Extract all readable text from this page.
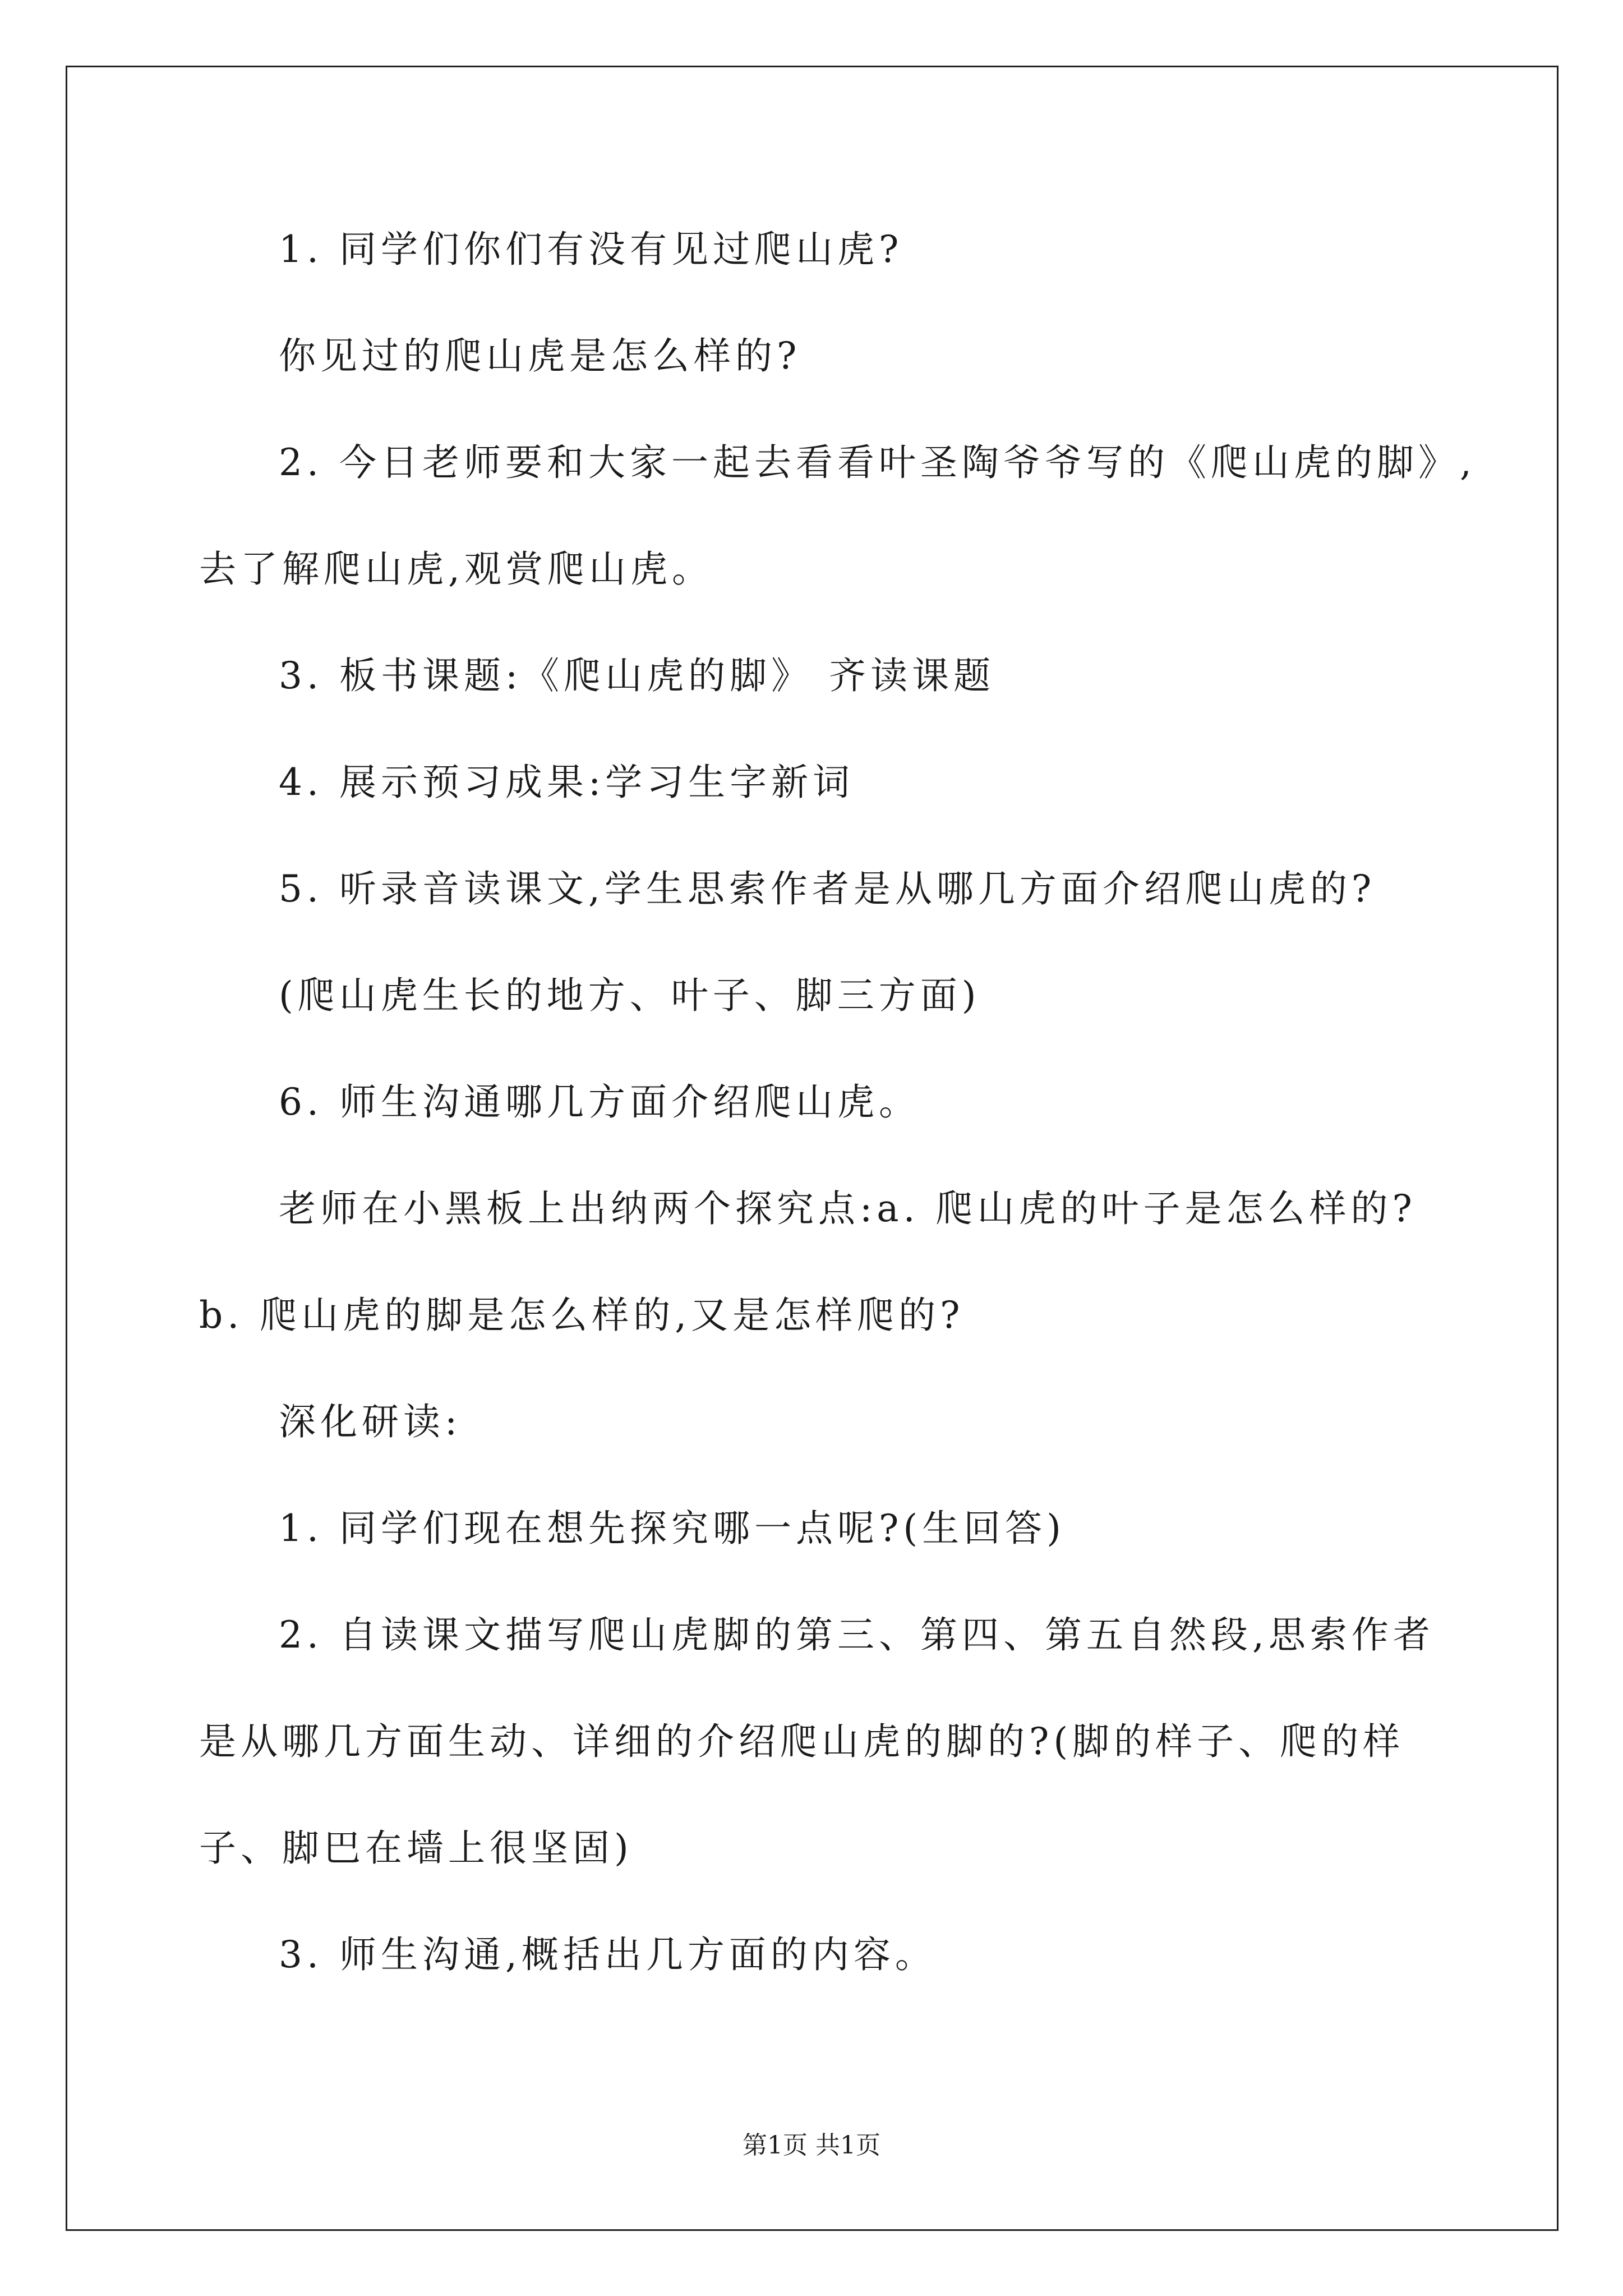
1. 同学们你们有没有见过爬山虎?

你见过的爬山虎是怎么样的?

2. 今日老师要和大家一起去看看叶圣陶爷爷写的《爬山虎的脚》,

去了解爬山虎,观赏爬山虎。

3. 板书课题:《爬山虎的脚》 齐读课题

4. 展示预习成果:学习生字新词

5. 听录音读课文,学生思索作者是从哪几方面介绍爬山虎的?

(爬山虎生长的地方、叶子、脚三方面)

6. 师生沟通哪几方面介绍爬山虎。

老师在小黑板上出纳两个探究点:a. 爬山虎的叶子是怎么样的?

b. 爬山虎的脚是怎么样的,又是怎样爬的?

深化研读:

1. 同学们现在想先探究哪一点呢?(生回答)

2. 自读课文描写爬山虎脚的第三、第四、第五自然段,思索作者

是从哪几方面生动、详细的介绍爬山虎的脚的?(脚的样子、爬的样

子、脚巴在墙上很坚固)

3. 师生沟通,概括出几方面的内容。

第1页 共1页
